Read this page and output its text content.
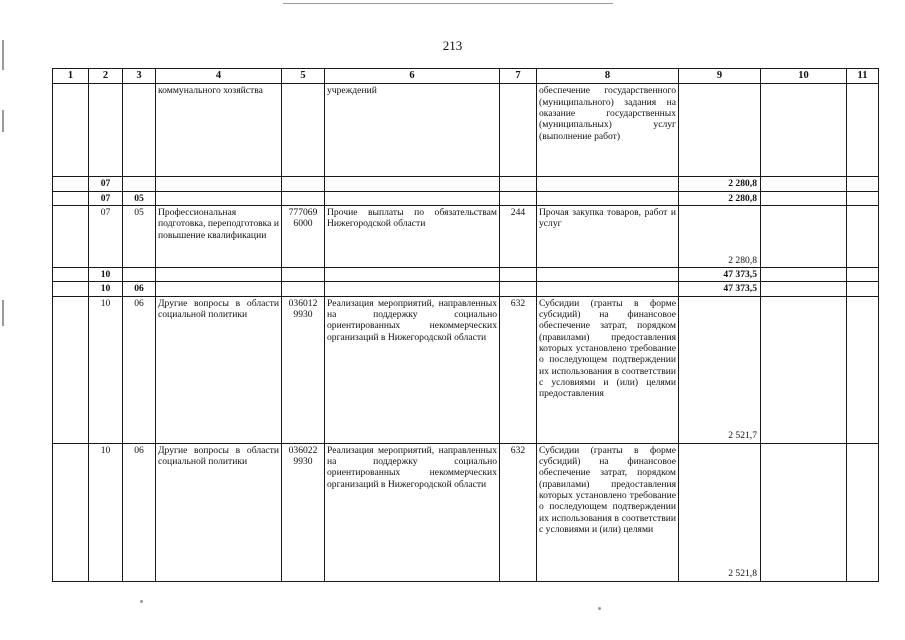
213
1	2	3	4	5	6	7	8	9	10	11
			коммунального хозяйства		учреждений		обеспечение государственного (муниципального) задания на оказание государственных (муниципальных) услуг (выполнение работ)			
	07							2 280,8		
	07	05						2 280,8		
	07	05	Профессиональная подготовка, переподготовка и повышение квалификации	777069 6000	Прочие выплаты по обязательствам Нижегородской области	244	Прочая закупка товаров, работ и услуг	2 280,8		
	10							47 373,5		
	10	06						47 373,5		
	10	06	Другие вопросы в области социальной политики	036012 9930	Реализация мероприятий, направленных на поддержку социально ориентированных некоммерческих организаций в Нижегородской области	632	Субсидии (гранты в форме субсидий) на финансовое обеспечение затрат, порядком (правилами) предоставления которых установлено требование о последующем подтверждении их использования в соответствии с условиями и (или) целями предоставления	2 521,7		
	10	06	Другие вопросы в области социальной политики	036022 9930	Реализация мероприятий, направленных на поддержку социально ориентированных некоммерческих организаций в Нижегородской области	632	Субсидии (гранты в форме субсидий) на финансовое обеспечение затрат, порядком (правилами) предоставления которых установлено требование о последующем подтверждении их использования в соответствии с условиями и (или) целями	2 521,8		
